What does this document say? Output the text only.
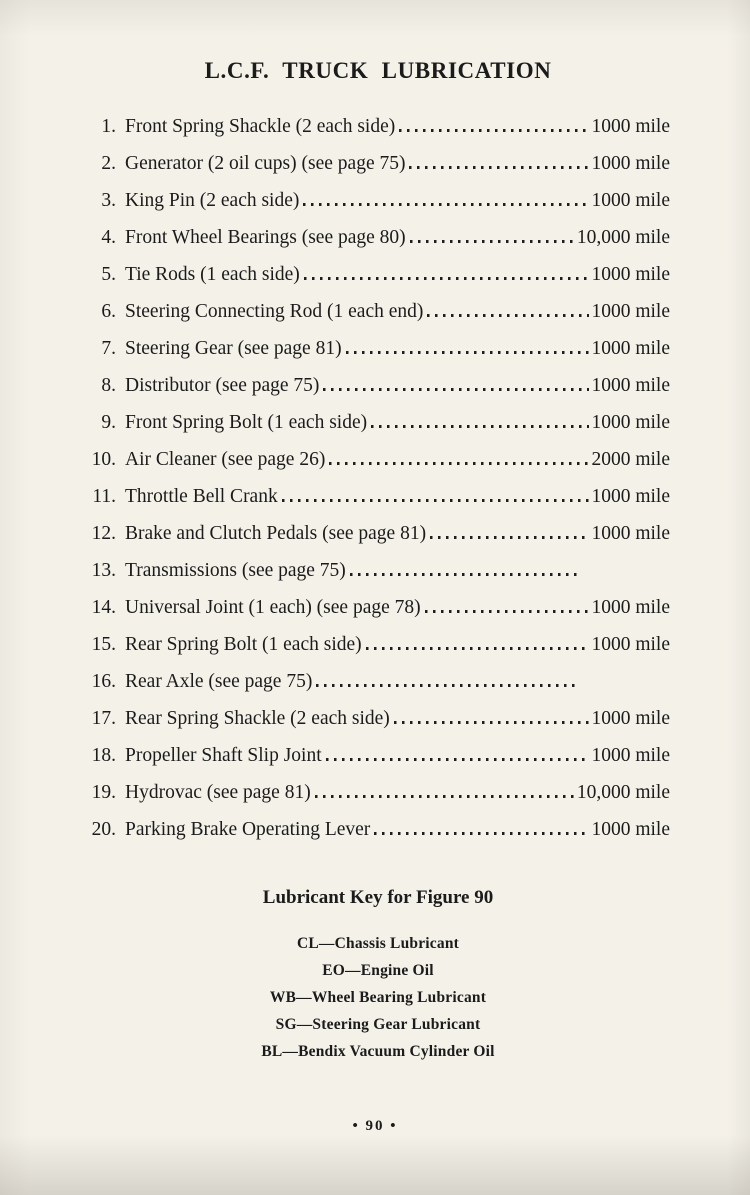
L.C.F. TRUCK LUBRICATION
1. Front Spring Shackle (2 each side)	1000 mile
2. Generator (2 oil cups) (see page 75)	1000 mile
3. King Pin (2 each side)	1000 mile
4. Front Wheel Bearings (see page 80)	10,000 mile
5. Tie Rods (1 each side)	1000 mile
6. Steering Connecting Rod (1 each end)	1000 mile
7. Steering Gear (see page 81)	1000 mile
8. Distributor (see page 75)	1000 mile
9. Front Spring Bolt (1 each side)	1000 mile
10. Air Cleaner (see page 26)	2000 mile
11. Throttle Bell Crank	1000 mile
12. Brake and Clutch Pedals (see page 81)	1000 mile
13. Transmissions (see page 75)
14. Universal Joint (1 each) (see page 78)	1000 mile
15. Rear Spring Bolt (1 each side)	1000 mile
16. Rear Axle (see page 75)
17. Rear Spring Shackle (2 each side)	1000 mile
18. Propeller Shaft Slip Joint	1000 mile
19. Hydrovac (see page 81)	10,000 mile
20. Parking Brake Operating Lever	1000 mile
Lubricant Key for Figure 90
CL—Chassis Lubricant
EO—Engine Oil
WB—Wheel Bearing Lubricant
SG—Steering Gear Lubricant
BL—Bendix Vacuum Cylinder Oil
• 90 •
